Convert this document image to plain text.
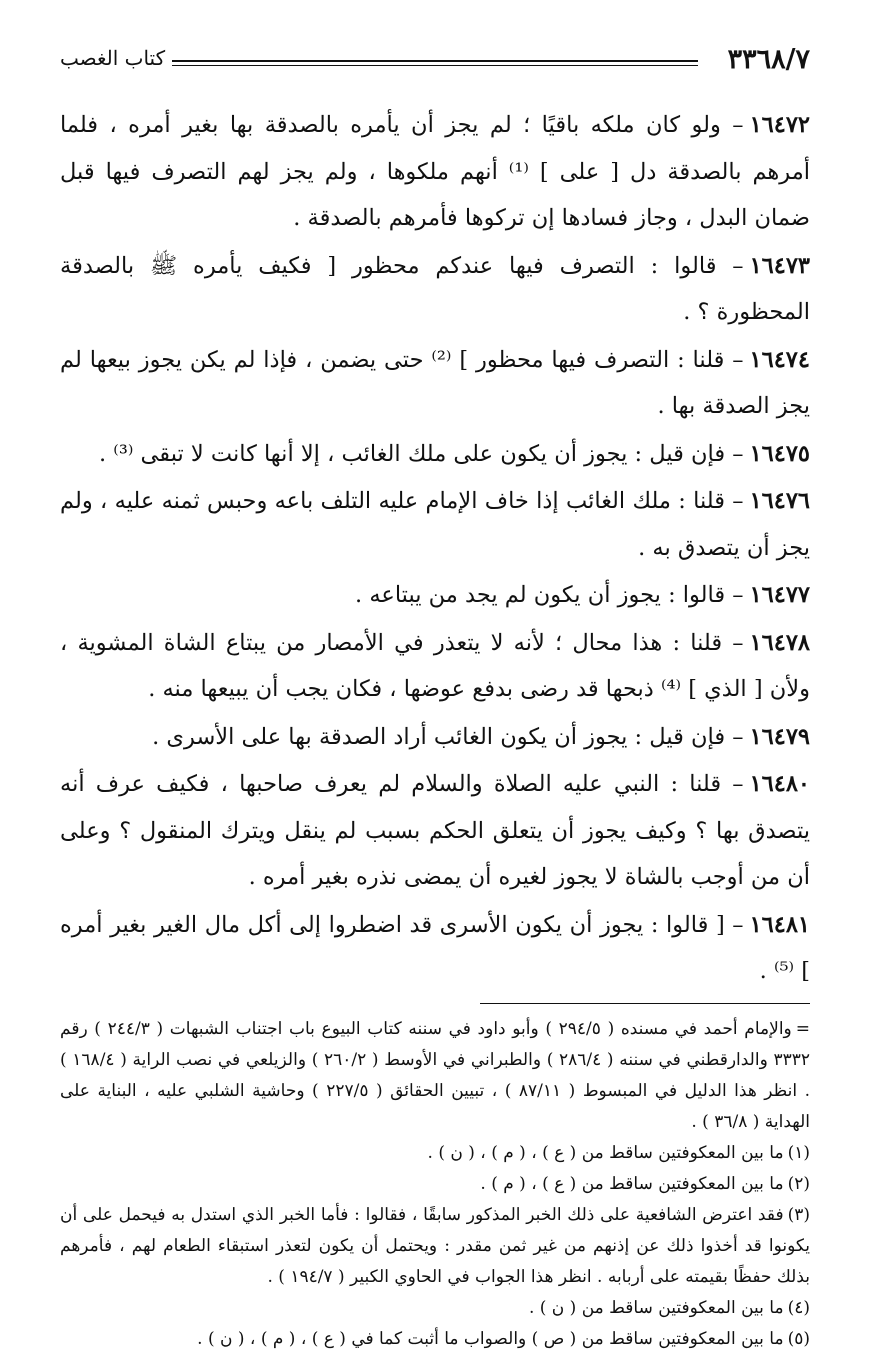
٣٣٦٨/٧
كتاب الغصب

١٦٤٧٢– ولو كان ملكه باقيًا ؛ لم يجز أن يأمره بالصدقة بها بغير أمره ، فلما أمرهم بالصدقة دل [ على ] ⁽¹⁾ أنهم ملكوها ، ولم يجز لهم التصرف فيها قبل ضمان البدل ، وجاز فسادها إن تركوها فأمرهم بالصدقة .

١٦٤٧٣– قالوا : التصرف فيها عندكم محظور [ فكيف يأمره ﷺ بالصدقة المحظورة ؟ .

١٦٤٧٤– قلنا : التصرف فيها محظور ] ⁽²⁾ حتى يضمن ، فإذا لم يكن يجوز بيعها لم يجز الصدقة بها .

١٦٤٧٥– فإن قيل : يجوز أن يكون على ملك الغائب ، إلا أنها كانت لا تبقى ⁽³⁾ .

١٦٤٧٦– قلنا : ملك الغائب إذا خاف الإمام عليه التلف باعه وحبس ثمنه عليه ، ولم يجز أن يتصدق به .

١٦٤٧٧– قالوا : يجوز أن يكون لم يجد من يبتاعه .

١٦٤٧٨– قلنا : هذا محال ؛ لأنه لا يتعذر في الأمصار من يبتاع الشاة المشوية ، ولأن [ الذي ] ⁽⁴⁾ ذبحها قد رضى بدفع عوضها ، فكان يجب أن يبيعها منه .

١٦٤٧٩– فإن قيل : يجوز أن يكون الغائب أراد الصدقة بها على الأسرى .

١٦٤٨٠– قلنا : النبي عليه الصلاة والسلام لم يعرف صاحبها ، فكيف عرف أنه يتصدق بها ؟ وكيف يجوز أن يتعلق الحكم بسبب لم ينقل ويترك المنقول ؟ وعلى أن من أوجب بالشاة لا يجوز لغيره أن يمضى نذره بغير أمره .

١٦٤٨١– [ قالوا : يجوز أن يكون الأسرى قد اضطروا إلى أكل مال الغير بغير أمره ] ⁽⁵⁾ .

=والإمام أحمد في مسنده ( ٢٩٤/٥ ) وأبو داود في سننه كتاب البيوع باب اجتناب الشبهات ( ٢٤٤/٣ ) رقم ٣٣٣٢ والدارقطني في سننه ( ٢٨٦/٤ ) والطبراني في الأوسط ( ٢٦٠/٢ ) والزيلعي في نصب الراية ( ١٦٨/٤ ) . انظر هذا الدليل في المبسوط ( ٨٧/١١ ) ، تبيين الحقائق ( ٢٢٧/٥ ) وحاشية الشلبي عليه ، البناية على الهداية ( ٣٦/٨ ) .

(١)ما بين المعكوفتين ساقط من ( ع ) ، ( م ) ، ( ن ) .

(٢)ما بين المعكوفتين ساقط من ( ع ) ، ( م ) .

(٣)فقد اعترض الشافعية على ذلك الخبر المذكور سابقًا ، فقالوا : فأما الخبر الذي استدل به فيحمل على أن يكونوا قد أخذوا ذلك عن إذنهم من غير ثمن مقدر : ويحتمل أن يكون لتعذر استبقاء الطعام لهم ، فأمرهم بذلك حفظًا بقيمته على أربابه . انظر هذا الجواب في الحاوي الكبير ( ١٩٤/٧ ) .

(٤)ما بين المعكوفتين ساقط من ( ن ) .

(٥)ما بين المعكوفتين ساقط من ( ص ) والصواب ما أثبت كما في ( ع ) ، ( م ) ، ( ن ) .
